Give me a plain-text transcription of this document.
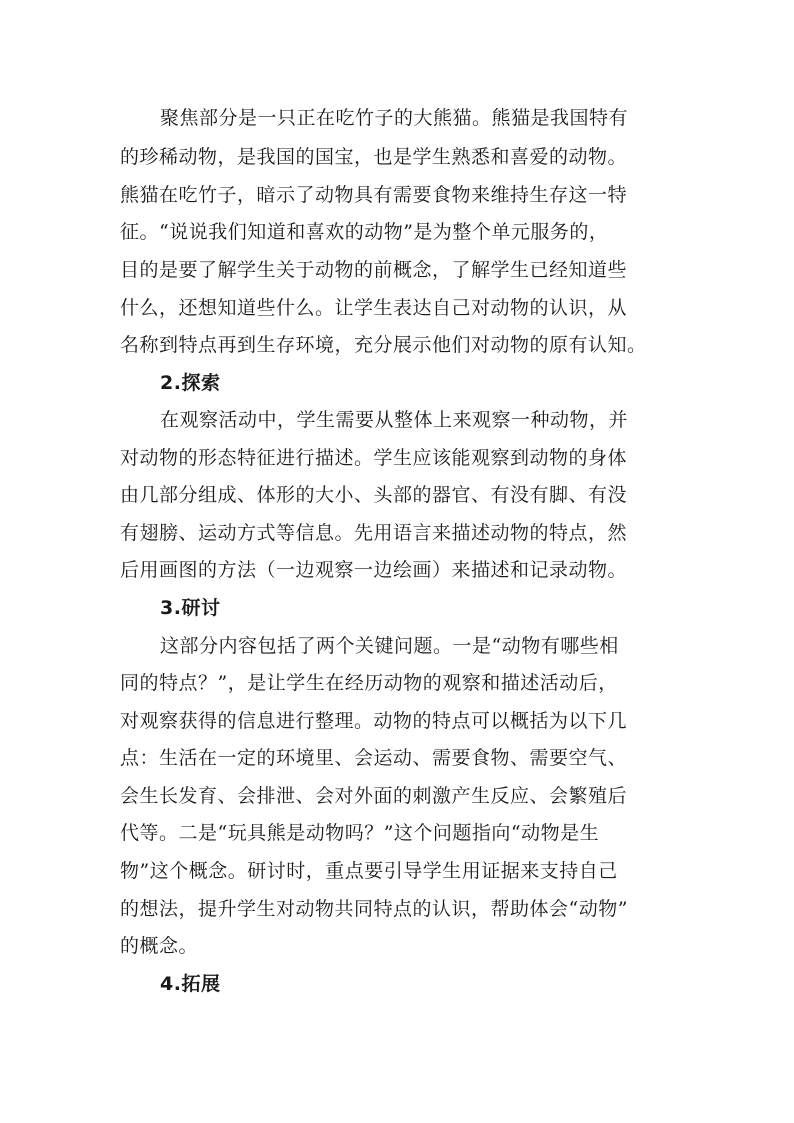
聚焦部分是一只正在吃竹子的大熊猫。熊猫是我国特有
的珍稀动物，是我国的国宝，也是学生熟悉和喜爱的动物。
熊猫在吃竹子，暗示了动物具有需要食物来维持生存这一特
征。“说说我们知道和喜欢的动物”是为整个单元服务的，
目的是要了解学生关于动物的前概念，了解学生已经知道些
什么，还想知道些什么。让学生表达自己对动物的认识，从
名称到特点再到生存环境，充分展示他们对动物的原有认知。
2.探索
在观察活动中，学生需要从整体上来观察一种动物，并
对动物的形态特征进行描述。学生应该能观察到动物的身体
由几部分组成、体形的大小、头部的器官、有没有脚、有没
有翅膀、运动方式等信息。先用语言来描述动物的特点，然
后用画图的方法（一边观察一边绘画）来描述和记录动物。
3.研讨
这部分内容包括了两个关键问题。一是“动物有哪些相
同的特点？”，是让学生在经历动物的观察和描述活动后，
对观察获得的信息进行整理。动物的特点可以概括为以下几
点：生活在一定的环境里、会运动、需要食物、需要空气、
会生长发育、会排泄、会对外面的刺激产生反应、会繁殖后
代等。二是“玩具熊是动物吗？”这个问题指向“动物是生
物”这个概念。研讨时，重点要引导学生用证据来支持自己
的想法，提升学生对动物共同特点的认识，帮助体会“动物”
的概念。
4.拓展
